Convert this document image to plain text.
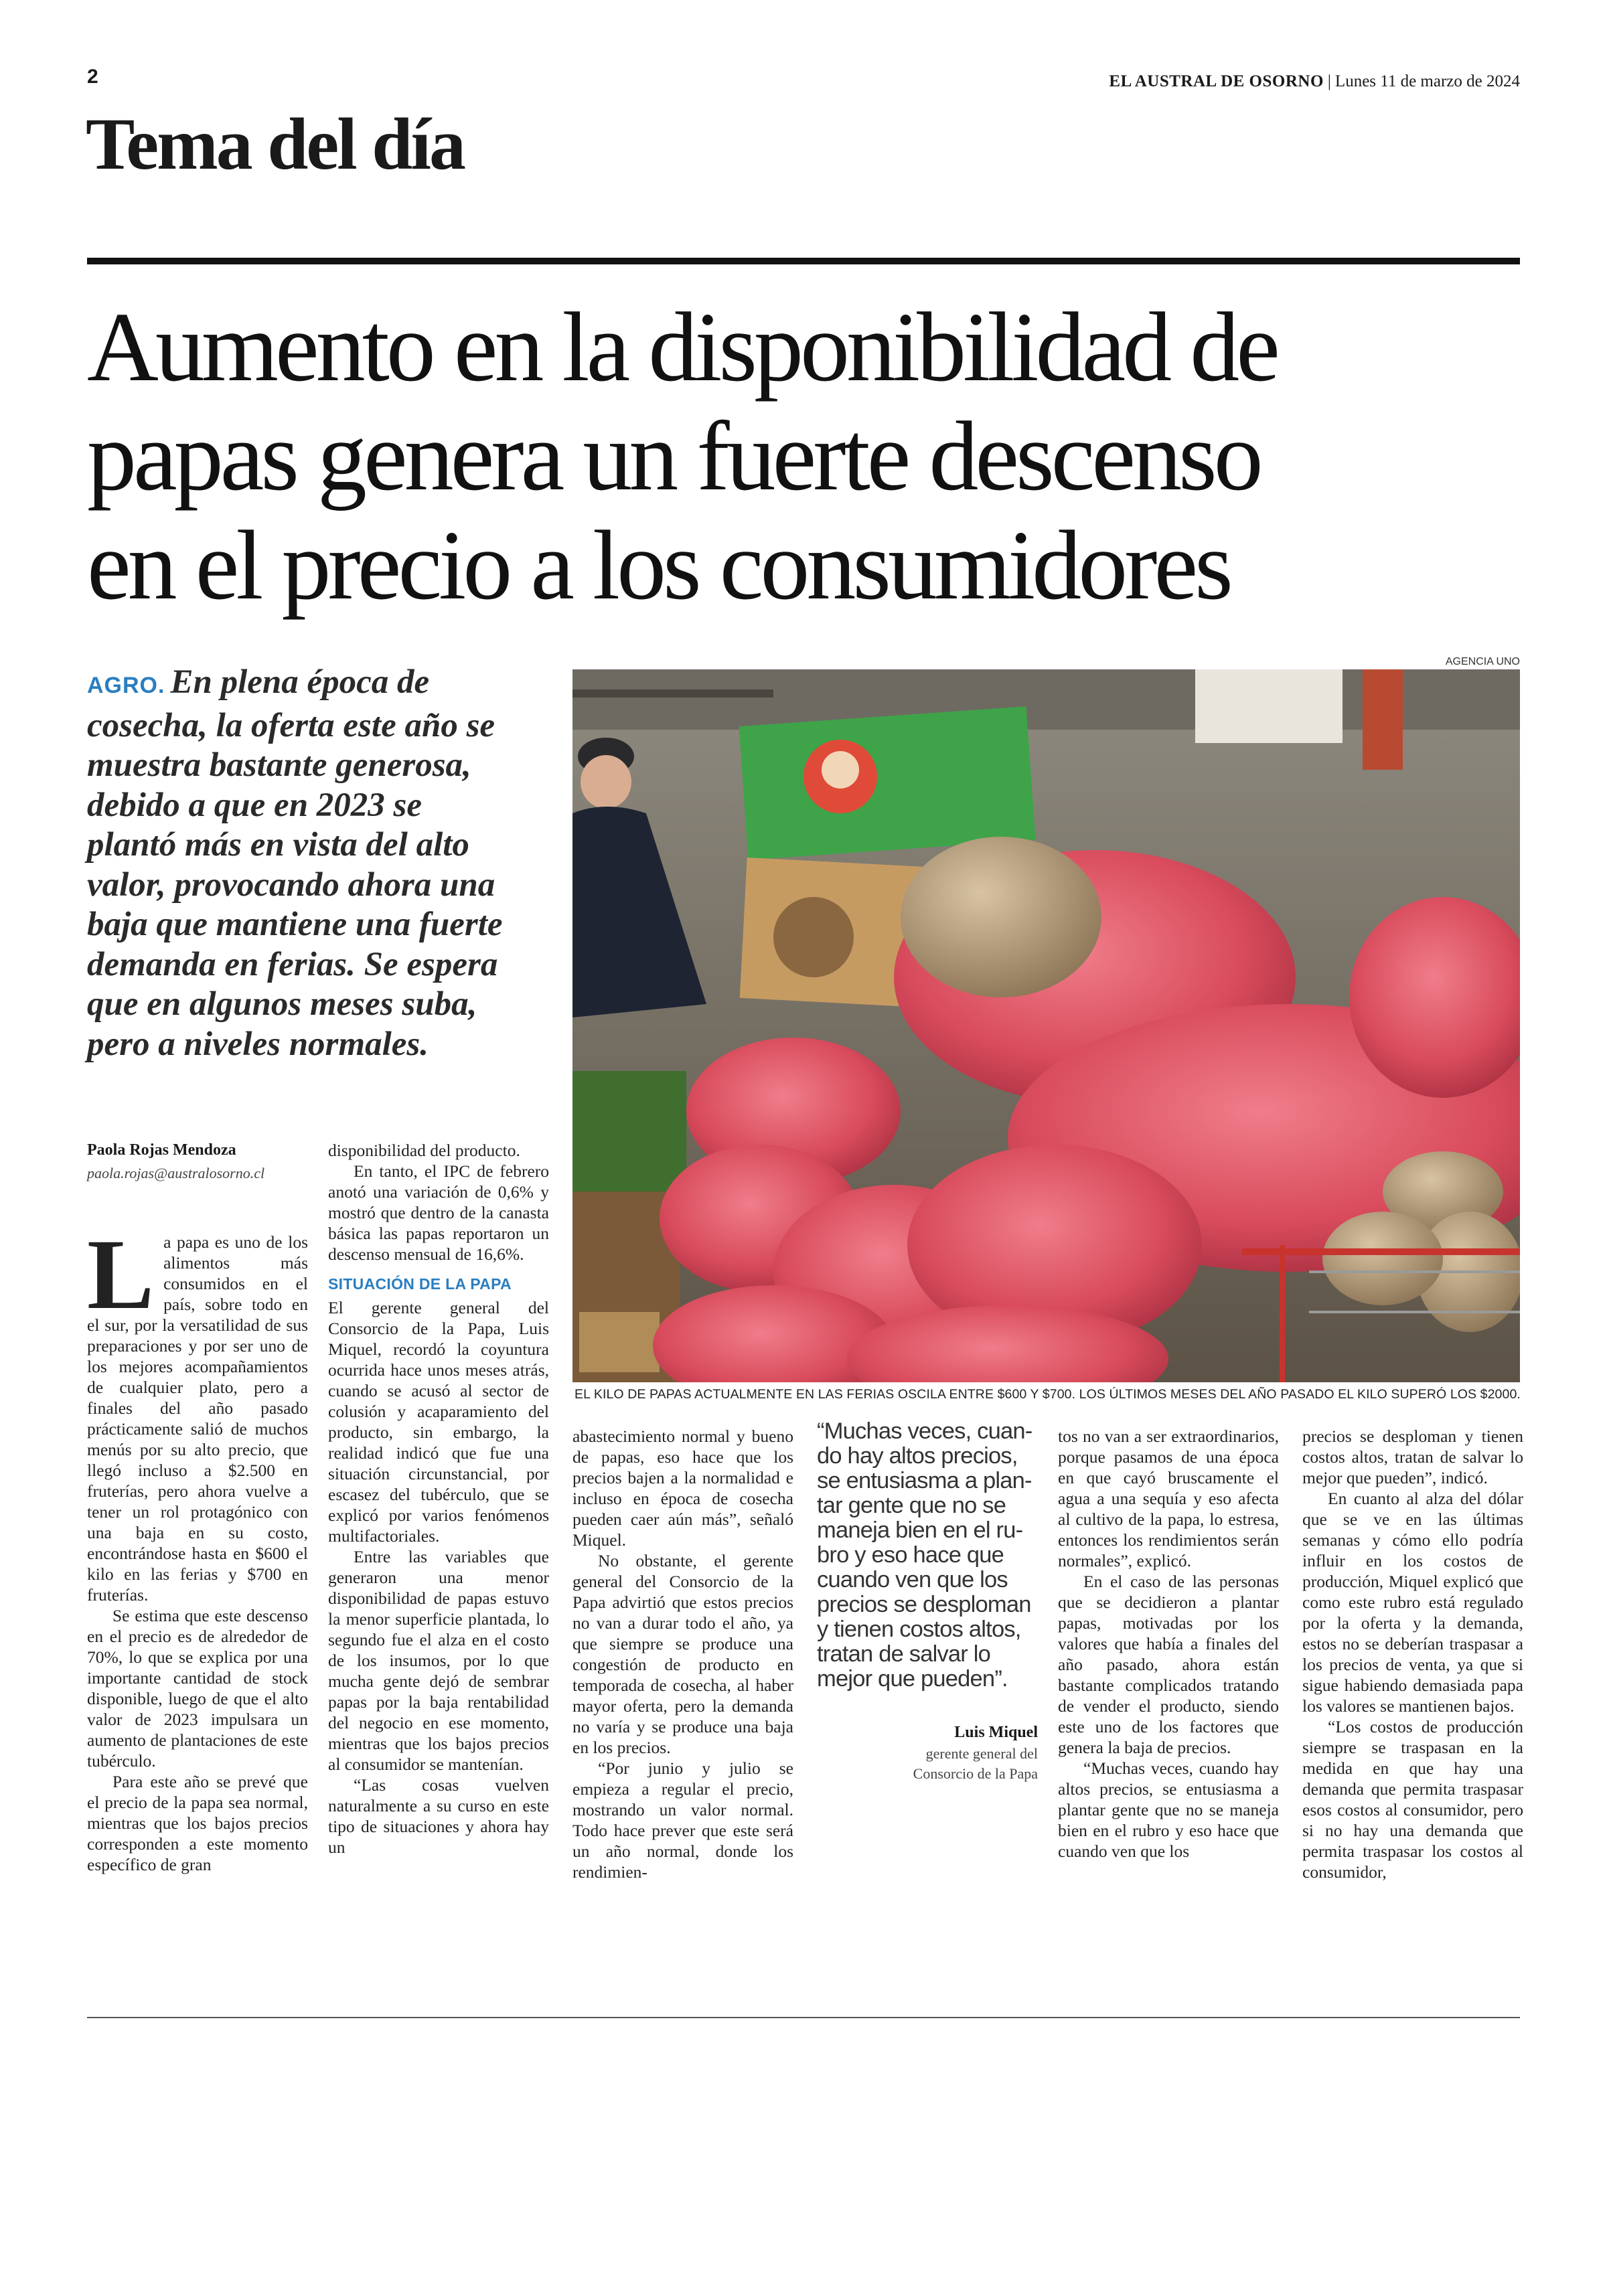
2	EL AUSTRAL DE OSORNO | Lunes 11 de marzo de 2024
Tema del día
Aumento en la disponibilidad de
papas genera un fuerte descenso
en el precio a los consumidores
AGRO. En plena época de
cosecha, la oferta este año se
muestra bastante generosa,
debido a que en 2023 se
plantó más en vista del alto
valor, provocando ahora una
baja que mantiene una fuerte
demanda en ferias. Se espera
que en algunos meses suba,
pero a niveles normales.
AGENCIA UNO
EL KILO DE PAPAS ACTUALMENTE EN LAS FERIAS OSCILA ENTRE $600 Y $700. LOS ÚLTIMOS MESES DEL AÑO PASADO EL KILO SUPERÓ LOS $2000.
Paola Rojas Mendoza
paola.rojas@australosorno.cl

La papa es uno de los alimentos más consumidos en el país, sobre todo en el sur, por la versatilidad de sus preparaciones y por ser uno de los mejores acompañamientos de cualquier plato, pero a finales del año pasado prácticamente salió de muchos menús por su alto precio, que llegó incluso a $2.500 en fruterías, pero ahora vuelve a tener un rol protagónico con una baja en su costo, encontrándose hasta en $600 el kilo en las ferias y $700 en fruterías.

Se estima que este descenso en el precio es de alrededor de 70%, lo que se explica por una importante cantidad de stock disponible, luego de que el alto valor de 2023 impulsara un aumento de plantaciones de este tubérculo.

Para este año se prevé que el precio de la papa sea normal, mientras que los bajos precios corresponden a este momento específico de gran

disponibilidad del producto.

En tanto, el IPC de febrero anotó una variación de 0,6% y mostró que dentro de la canasta básica las papas reportaron un descenso mensual de 16,6%.

SITUACIÓN DE LA PAPA

El gerente general del Consorcio de la Papa, Luis Miquel, recordó la coyuntura ocurrida hace unos meses atrás, cuando se acusó al sector de colusión y acaparamiento del producto, sin embargo, la realidad indicó que fue una situación circunstancial, por escasez del tubérculo, que se explicó por varios fenómenos multifactoriales.

Entre las variables que generaron una menor disponibilidad de papas estuvo la menor superficie plantada, lo segundo fue el alza en el costo de los insumos, por lo que mucha gente dejó de sembrar papas por la baja rentabilidad del negocio en ese momento, mientras que los bajos precios al consumidor se mantenían.

“Las cosas vuelven naturalmente a su curso en este tipo de situaciones y ahora hay un

abastecimiento normal y bueno de papas, eso hace que los precios bajen a la normalidad e incluso en época de cosecha pueden caer aún más”, señaló Miquel.

No obstante, el gerente general del Consorcio de la Papa advirtió que estos precios no van a durar todo el año, ya que siempre se produce una congestión de producto en temporada de cosecha, al haber mayor oferta, pero la demanda no varía y se produce una baja en los precios.

“Por junio y julio se empieza a regular el precio, mostrando un valor normal. Todo hace prever que este será un año normal, donde los rendimien-

“Muchas veces, cuan-
do hay altos precios,
se entusiasma a plan-
tar gente que no se
maneja bien en el ru-
bro y eso hace que
cuando ven que los
precios se desploman
y tienen costos altos,
tratan de salvar lo
mejor que pueden”.
Luis Miquel
gerente general del
Consorcio de la Papa

tos no van a ser extraordinarios, porque pasamos de una época en que cayó bruscamente el agua a una sequía y eso afecta al cultivo de la papa, lo estresa, entonces los rendimientos serán normales”, explicó.

En el caso de las personas que se decidieron a plantar papas, motivadas por los valores que había a finales del año pasado, ahora están bastante complicados tratando de vender el producto, siendo este uno de los factores que genera la baja de precios.

“Muchas veces, cuando hay altos precios, se entusiasma a plantar gente que no se maneja bien en el rubro y eso hace que cuando ven que los

precios se desploman y tienen costos altos, tratan de salvar lo mejor que pueden”, indicó.

En cuanto al alza del dólar que se ve en las últimas semanas y cómo ello podría influir en los costos de producción, Miquel explicó que como este rubro está regulado por la oferta y la demanda, estos no se deberían traspasar a los precios de venta, ya que si sigue habiendo demasiada papa los valores se mantienen bajos.

“Los costos de producción siempre se traspasan en la medida en que hay una demanda que permita traspasar esos costos al consumidor, pero si no hay una demanda que permita traspasar los costos al consumidor,
